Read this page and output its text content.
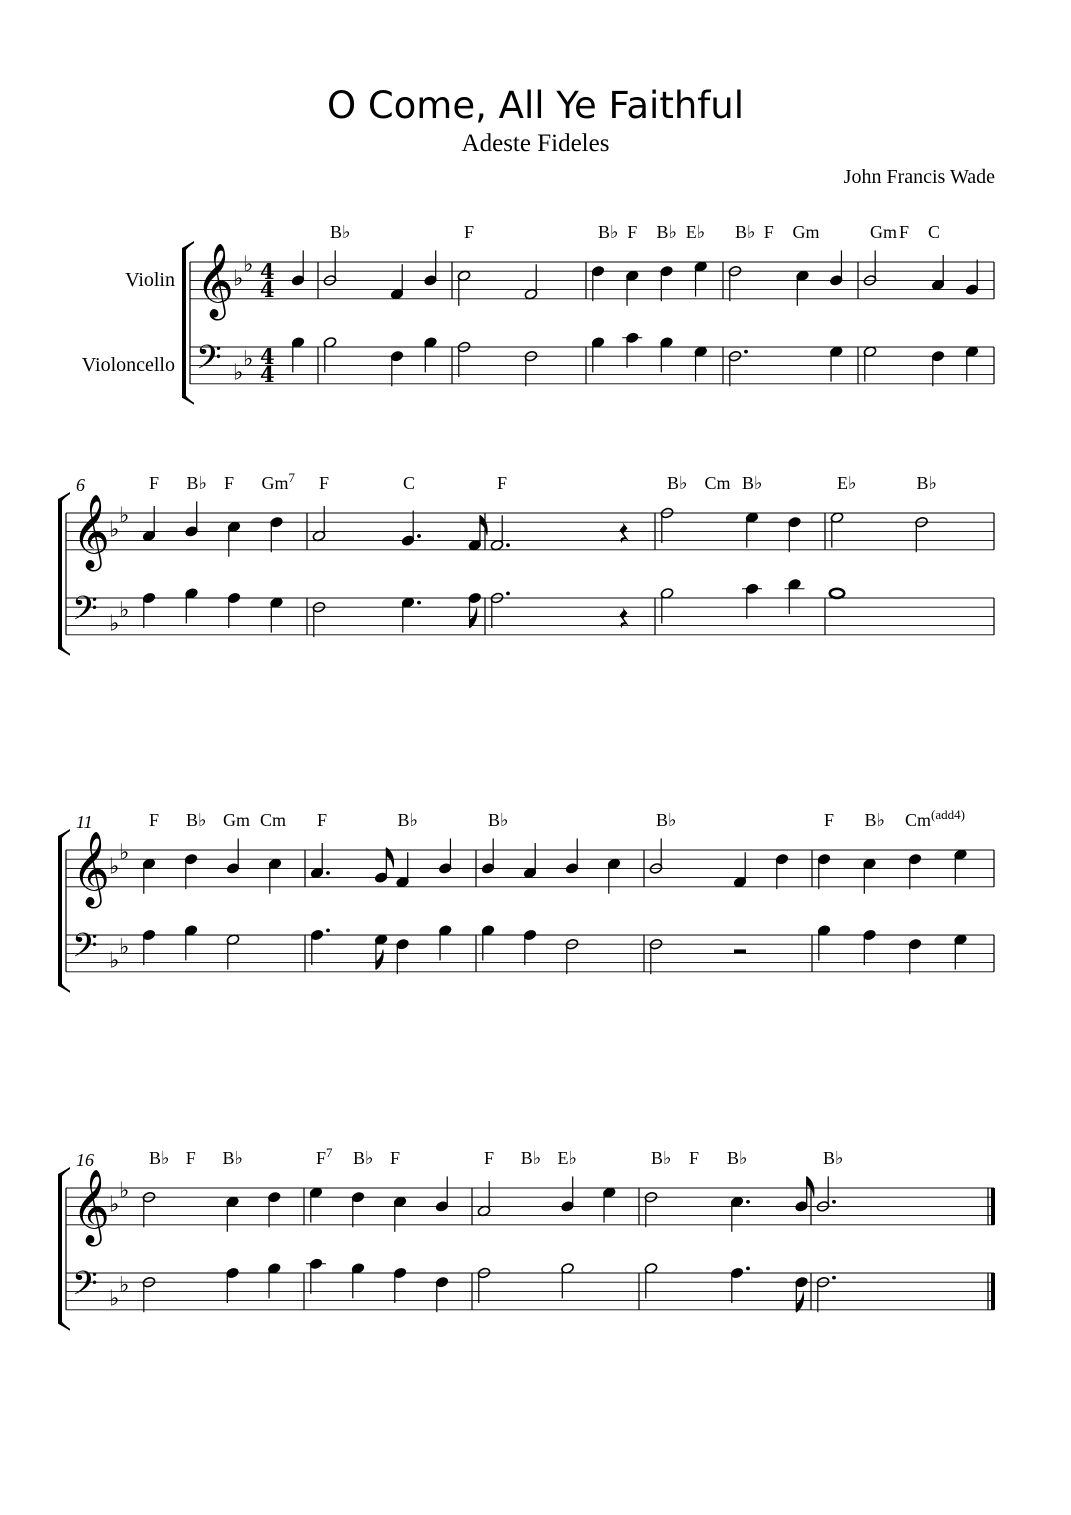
O Come, All Ye Faithful
Adeste Fideles
John Francis Wade
𝄞
𝄢
♭
♭
♭
♭
4
4
4
4
Violin
Violoncello
B♭	F	B♭ F B♭ E♭ B♭ F Gm	Gm F C
𝄞
𝄢
♭
♭
♭
♭
6	F B♭ F Gm$^7$ F	C	F	B♭ Cm B♭	E♭	B♭
𝄞
𝄢
♭
♭
♭
♭
11	F B♭ Gm Cm F	B♭	B♭	B♭	F B♭ $Cm^{(add4)}$
𝄞
𝄢
♭
♭
♭
♭
16	B♭ F B♭	$F^7$ B♭ F	F B♭ E♭	B♭ F B♭	B♭
